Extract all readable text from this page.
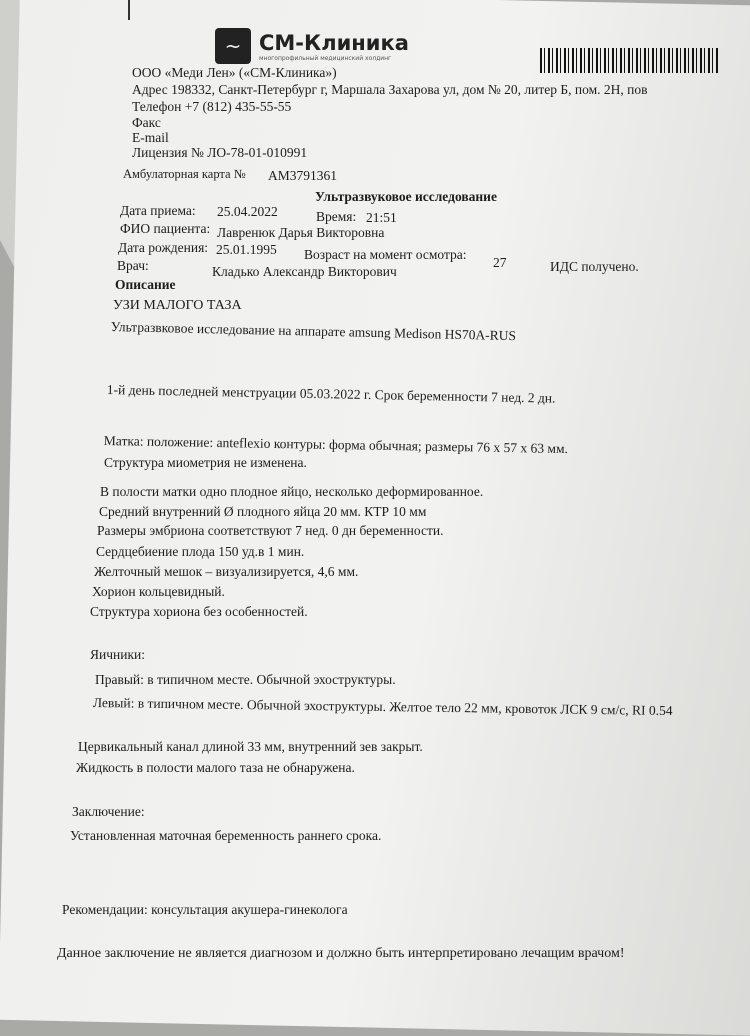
~ СМ-Клиника
многопрофильный медицинский холдинг
ООО «Меди Лен» («СМ-Клиника»)
Адрес 198332, Санкт-Петербург г, Маршала Захарова ул, дом № 20, литер Б, пом. 2Н, пов
Телефон +7 (812) 435-55-55
Факс
E-mail
Лицензия № ЛО-78-01-010991
Амбулаторная карта № АМ3791361
Ультразвуковое исследование
Дата приема: 25.04.2022	Время: 21:51
ФИО пациента: Лавренюк Дарья Викторовна
Дата рождения: 25.01.1995 Возраст на момент осмотра:
27	ИДС получено.
Врач:	Кладько Александр Викторович
Описание
УЗИ МАЛОГО ТАЗА
Ультразвковое исследование на аппарате amsung Medison HS70A-RUS
1-й день последней менструации 05.03.2022 г. Срок беременности 7 нед. 2 дн.
Матка: положение: anteflexio контуры: форма обычная; размеры 76 х 57 х 63 мм.
Структура миометрия не изменена.
В полости матки одно плодное яйцо, несколько деформированное.
Средний внутренний Ø плодного яйца 20 мм. КТР 10 мм
Размеры эмбриона соответствуют 7 нед. 0 дн беременности.
Сердцебиение плода 150 уд.в 1 мин.
Желточный мешок – визуализируется, 4,6 мм.
Хорион кольцевидный.
Структура хориона без особенностей.
Яичники:
Правый: в типичном месте. Обычной эхоструктуры.
Левый: в типичном месте. Обычной эхоструктуры. Желтое тело 22 мм, кровоток ЛСК 9 см/с, RI 0.54
Цервикальный канал длиной 33 мм, внутренний зев закрыт.
Жидкость в полости малого таза не обнаружена.
Заключение:
Установленная маточная беременность раннего срока.
Рекомендации: консультация акушера-гинеколога
Данное заключение не является диагнозом и должно быть интерпретировано лечащим врачом!
